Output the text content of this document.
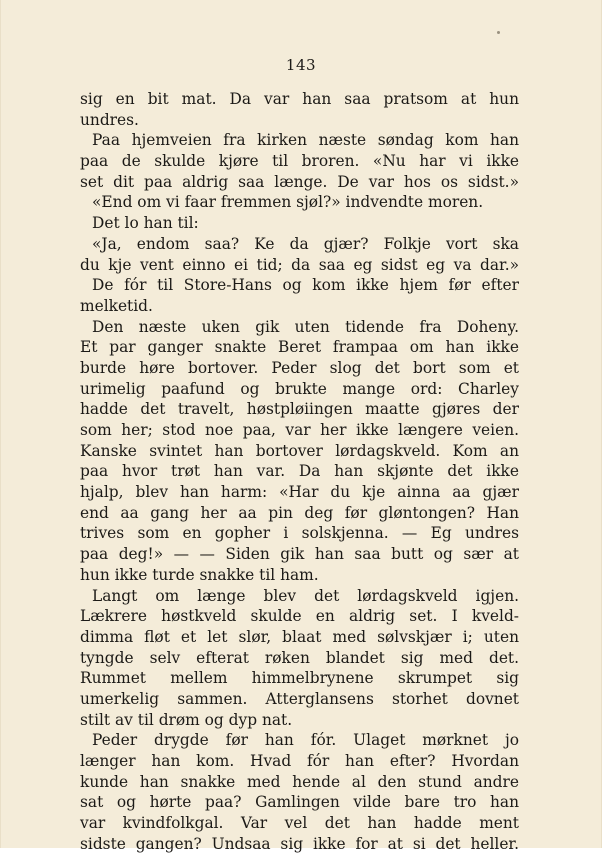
143
sig en bit mat. Da var han saa pratsom at hun
undres.
Paa hjemveien fra kirken næste søndag kom han
paa de skulde kjøre til broren. «Nu har vi ikke
set dit paa aldrig saa længe. De var hos os sidst.»
«End om vi faar fremmen sjøl?» indvendte moren.
Det lo han til:
«Ja, endom saa? Ke da gjær? Folkje vort ska
du kje vent einno ei tid; da saa eg sidst eg va dar.»
De fór til Store-Hans og kom ikke hjem før efter
melketid.
Den næste uken gik uten tidende fra Doheny.
Et par ganger snakte Beret frampaa om han ikke
burde høre bortover. Peder slog det bort som et
urimelig paafund og brukte mange ord: Charley
hadde det travelt, høstpløiingen maatte gjøres der
som her; stod noe paa, var her ikke længere veien.
Kanske svintet han bortover lørdagskveld. Kom an
paa hvor trøt han var. Da han skjønte det ikke
hjalp, blev han harm: «Har du kje ainna aa gjær
end aa gang her aa pin deg før gløntongen? Han
trives som en gopher i solskjenna. — Eg undres
paa deg!» — — Siden gik han saa butt og sær at
hun ikke turde snakke til ham.
Langt om længe blev det lørdagskveld igjen.
Lækrere høstkveld skulde en aldrig set. I kveld-
dimma fløt et let slør, blaat med sølvskjær i; uten
tyngde selv efterat røken blandet sig med det.
Rummet mellem himmelbrynene skrumpet sig
umerkelig sammen. Atterglansens storhet dovnet
stilt av til drøm og dyp nat.
Peder drygde før han fór. Ulaget mørknet jo
længer han kom. Hvad fór han efter? Hvordan
kunde han snakke med hende al den stund andre
sat og hørte paa? Gamlingen vilde bare tro han
var kvindfolkgal. Var vel det han hadde ment
sidste gangen? Undsaa sig ikke for at si det heller.
